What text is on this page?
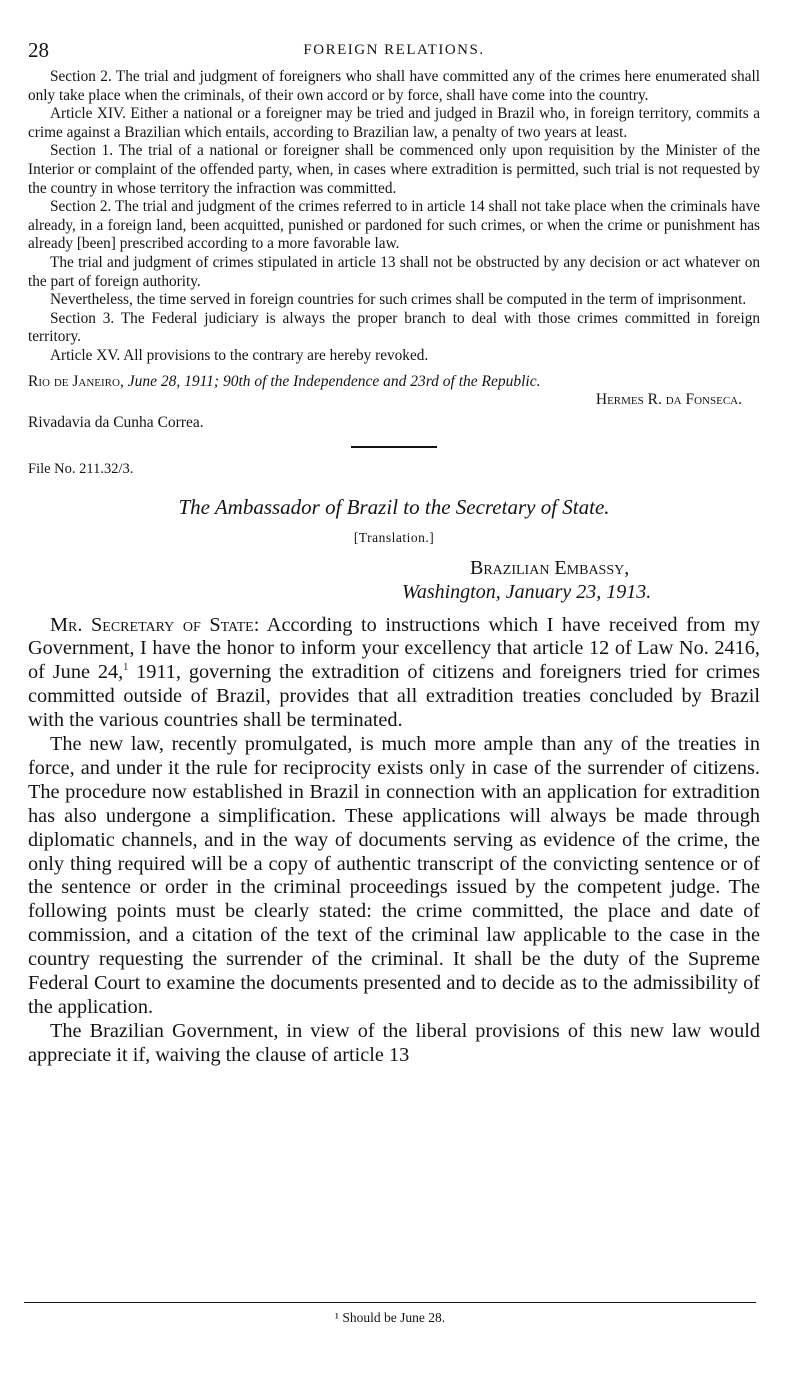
28	FOREIGN RELATIONS.

Section 2. The trial and judgment of foreigners who shall have committed any of the crimes here enumerated shall only take place when the criminals, of their own accord or by force, shall have come into the country.

Article XIV. Either a national or a foreigner may be tried and judged in Brazil who, in foreign territory, commits a crime against a Brazilian which entails, according to Brazilian law, a penalty of two years at least.

Section 1. The trial of a national or foreigner shall be commenced only upon requisition by the Minister of the Interior or complaint of the offended party, when, in cases where extradition is permitted, such trial is not requested by the country in whose territory the infraction was committed.

Section 2. The trial and judgment of the crimes referred to in article 14 shall not take place when the criminals have already, in a foreign land, been acquitted, punished or pardoned for such crimes, or when the crime or punishment has already [been] prescribed according to a more favorable law.

The trial and judgment of crimes stipulated in article 13 shall not be obstructed by any decision or act whatever on the part of foreign authority.

Nevertheless, the time served in foreign countries for such crimes shall be computed in the term of imprisonment.

Section 3. The Federal judiciary is always the proper branch to deal with those crimes committed in foreign territory.

Article XV. All provisions to the contrary are hereby revoked.

Rio de Janeiro, June 28, 1911; 90th of the Independence and 23rd of the Republic.
Hermes R. da Fonseca.
Rivadavia da Cunha Correa.
File No. 211.32/3.
The Ambassador of Brazil to the Secretary of State.
[Translation.]
Brazilian Embassy,
Washington, January 23, 1913.

Mr. Secretary of State: According to instructions which I have received from my Government, I have the honor to inform your excellency that article 12 of Law No. 2416, of June 24,$^1$ 1911, governing the extradition of citizens and foreigners tried for crimes committed outside of Brazil, provides that all extradition treaties concluded by Brazil with the various countries shall be terminated.

The new law, recently promulgated, is much more ample than any of the treaties in force, and under it the rule for reciprocity exists only in case of the surrender of citizens. The procedure now established in Brazil in connection with an application for extradition has also undergone a simplification. These applications will always be made through diplomatic channels, and in the way of documents serving as evidence of the crime, the only thing required will be a copy of authentic transcript of the convicting sentence or of the sentence or order in the criminal proceedings issued by the competent judge. The following points must be clearly stated: the crime committed, the place and date of commission, and a citation of the text of the criminal law applicable to the case in the country requesting the surrender of the criminal. It shall be the duty of the Supreme Federal Court to examine the documents presented and to decide as to the admissibility of the application.

The Brazilian Government, in view of the liberal provisions of this new law would appreciate it if, waiving the clause of article 13

¹ Should be June 28.
